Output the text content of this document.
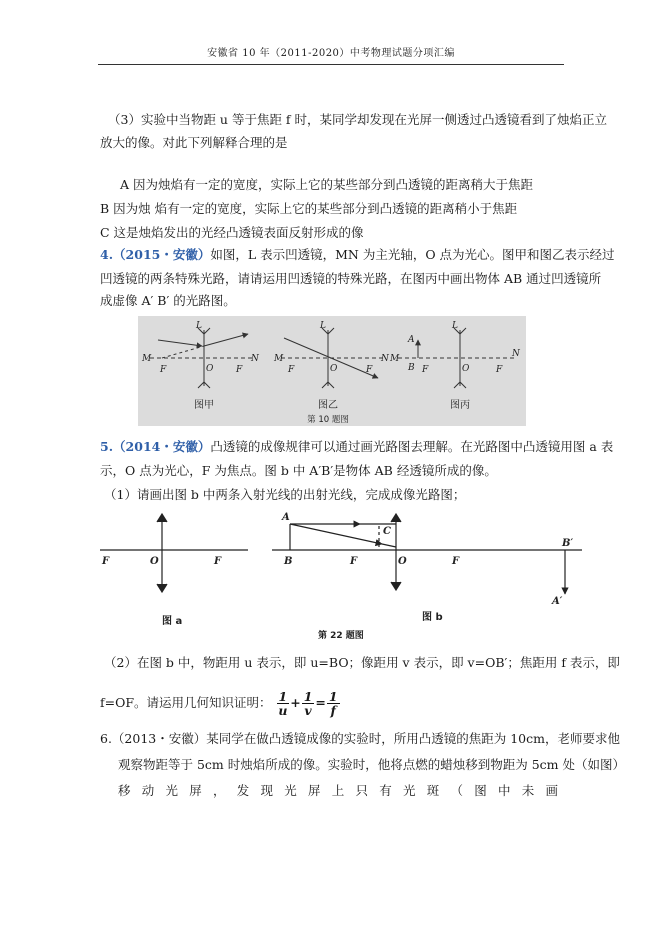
安徽省 10 年（2011-2020）中考物理试题分项汇编
（3）实验中当物距 u 等于焦距 f 时，某同学却发现在光屏一侧透过凸透镜看到了烛焰正立
放大的像。对此下列解释合理的是
A 因为烛焰有一定的宽度，实际上它的某些部分到凸透镜的距离稍大于焦距
B 因为烛 焰有一定的宽度，实际上它的某些部分到凸透镜的距离稍小于焦距
C 这是烛焰发出的光经凸透镜表面反射形成的像
4.（2015・安徽）如图，L 表示凹透镜，MN 为主光轴，O 点为光心。图甲和图乙表示经过
凹透镜的两条特殊光路，请请运用凹透镜的特殊光路，在图丙中画出物体 AB 通过凹透镜所
成虚像 A′ B′ 的光路图。
L
M
F	O	F
N
L
M
F	O	F
N
L
M
A
B F	O	F
N
图甲	图乙	图丙
第 10 题图
5.（2014・安徽）凸透镜的成像规律可以通过画光路图去理解。在光路图中凸透镜用图 a 表
示，O 点为光心，F 为焦点。图 b 中 A′B′是物体 AB 经透镜所成的像。
（1）请画出图 b 中两条入射光线的出射光线，完成成像光路图；
F	O	F
A
B	F
C
O	F
B′
A′
图 a	图 b
第 22 题图
（2）在图 b 中，物距用 u 表示，即 u=BO；像距用 v 表示，即 v=OB′；焦距用 f 表示，即
f=OF。请运用几何知识证明： $\frac{1}{u} + \frac{1}{v} = \frac{1}{f}$
6.（2013・安徽）某同学在做凸透镜成像的实验时，所用凸透镜的焦距为 10cm，老师要求他
观察物距等于 5cm 时烛焰所成的像。实验时，他将点燃的蜡烛移到物距为 5cm 处（如图）
移 动 光 屏 ， 发 现 光 屏 上 只 有 光 斑 （ 图 中 未 画
